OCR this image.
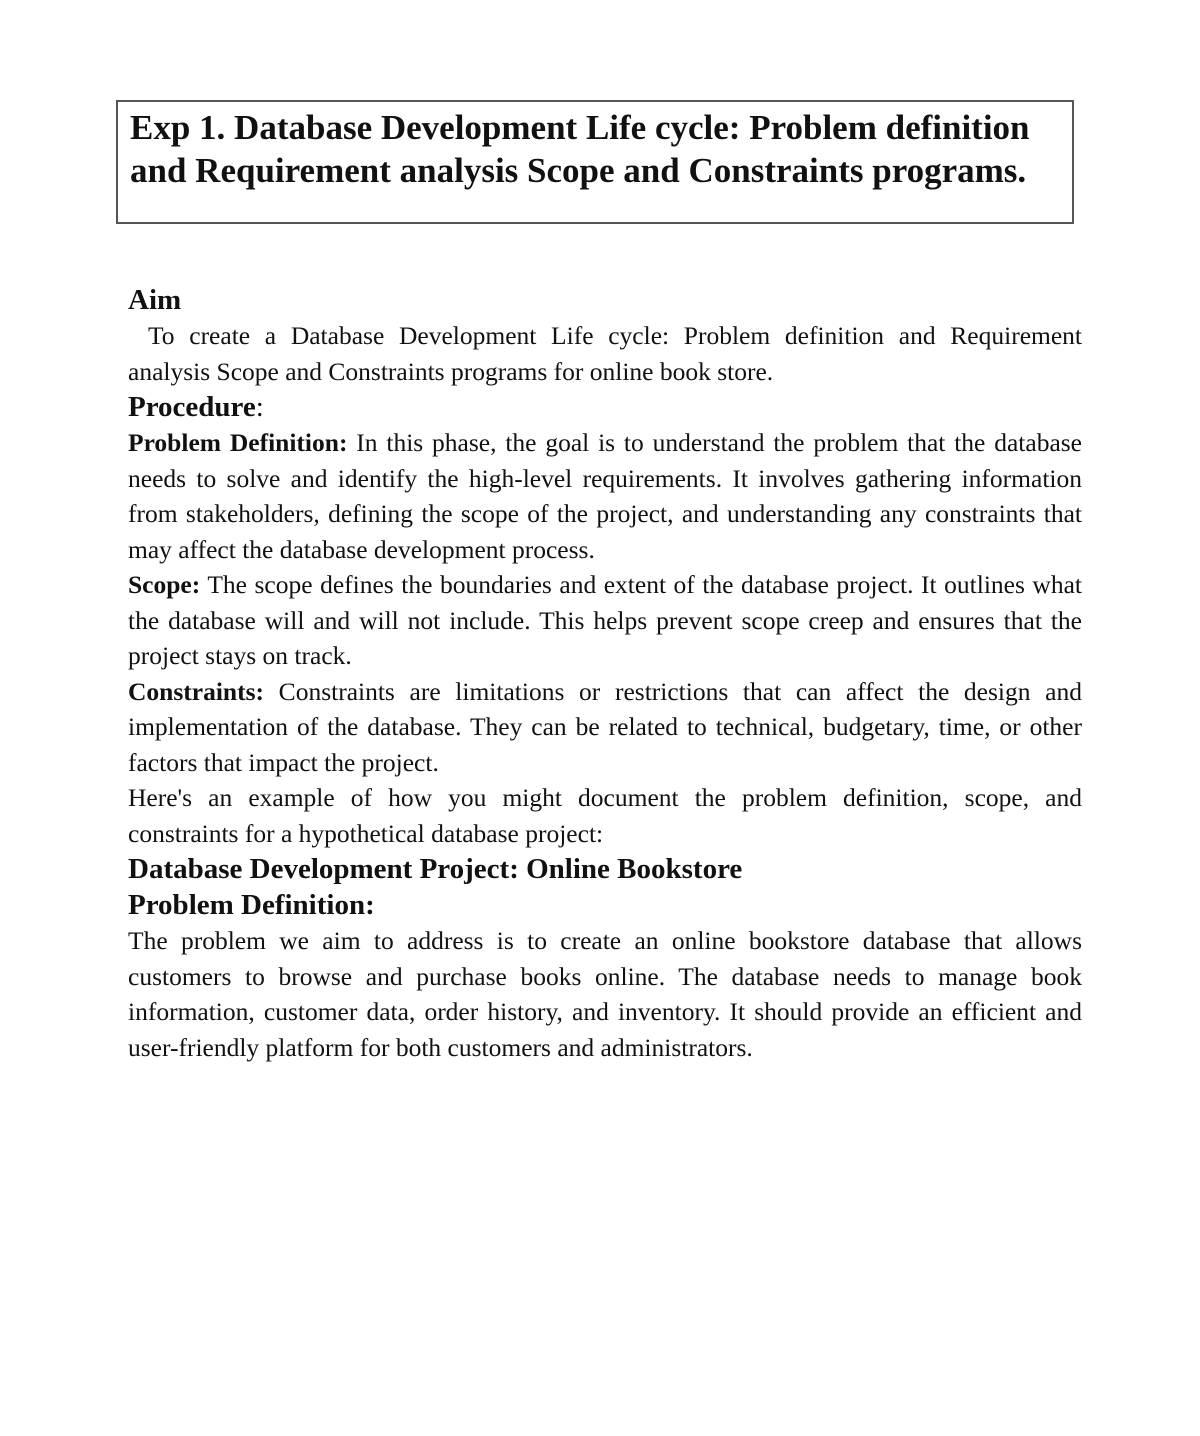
Exp 1. Database Development Life cycle: Problem definition and Requirement analysis Scope and Constraints programs.

Aim

To create a Database Development Life cycle: Problem definition and Requirement analysis Scope and Constraints programs for online book store.

Procedure:

Problem Definition: In this phase, the goal is to understand the problem that the database needs to solve and identify the high-level requirements. It involves gathering information from stakeholders, defining the scope of the project, and understanding any constraints that may affect the database development process.

Scope: The scope defines the boundaries and extent of the database project. It outlines what the database will and will not include. This helps prevent scope creep and ensures that the project stays on track.

Constraints: Constraints are limitations or restrictions that can affect the design and implementation of the database. They can be related to technical, budgetary, time, or other factors that impact the project.

Here's an example of how you might document the problem definition, scope, and constraints for a hypothetical database project:

Database Development Project: Online Bookstore
Problem Definition:

The problem we aim to address is to create an online bookstore database that allows customers to browse and purchase books online. The database needs to manage book information, customer data, order history, and inventory. It should provide an efficient and user-friendly platform for both customers and administrators.
